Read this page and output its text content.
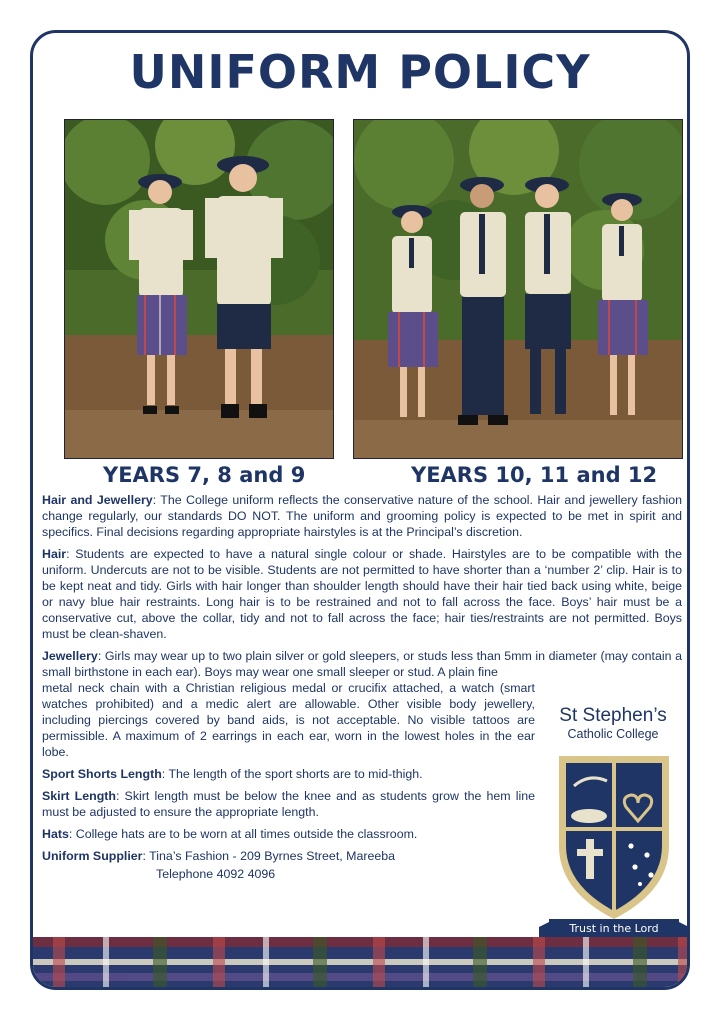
UNIFORM POLICY
YEARS 7, 8 and 9	YEARS 10, 11 and 12

Hair and Jewellery: The College uniform reflects the conservative nature of the school. Hair and jewellery fashion change regularly, our standards DO NOT. The uniform and grooming policy is expected to be met in spirit and specifics. Final decisions regarding appropriate hairstyles is at the Principal’s discretion.

Hair: Students are expected to have a natural single colour or shade. Hairstyles are to be compatible with the uniform. Undercuts are not to be visible. Students are not permitted to have shorter than a ‘number 2’ clip. Hair is to be kept neat and tidy. Girls with hair longer than shoulder length should have their hair tied back using white, beige or navy blue hair restraints. Long hair is to be restrained and not to fall across the face. Boys’ hair must be a conservative cut, above the collar, tidy and not to fall across the face; hair ties/restraints are not permitted. Boys must be clean-shaven.

Jewellery: Girls may wear up to two plain silver or gold sleepers, or studs less than 5mm in diameter (may contain a small birthstone in each ear). Boys may wear one small sleeper or stud. A plain fine

metal neck chain with a Christian religious medal or crucifix attached, a watch (smart watches prohibited) and a medic alert are allowable. Other visible body jewellery, including piercings covered by band aids, is not acceptable. No visible tattoos are permissible. A maximum of 2 earrings in each ear, worn in the lowest holes in the ear lobe.

Sport Shorts Length: The length of the sport shorts are to mid-thigh.

Skirt Length: Skirt length must be below the knee and as students grow the hem line must be adjusted to ensure the appropriate length.

Hats: College hats are to be worn at all times outside the classroom.

Uniform Supplier: Tina’s Fashion - 209 Byrnes Street, Mareeba

Telephone 4092 4096

St Stephen’s
Catholic College
Trust in the Lord
